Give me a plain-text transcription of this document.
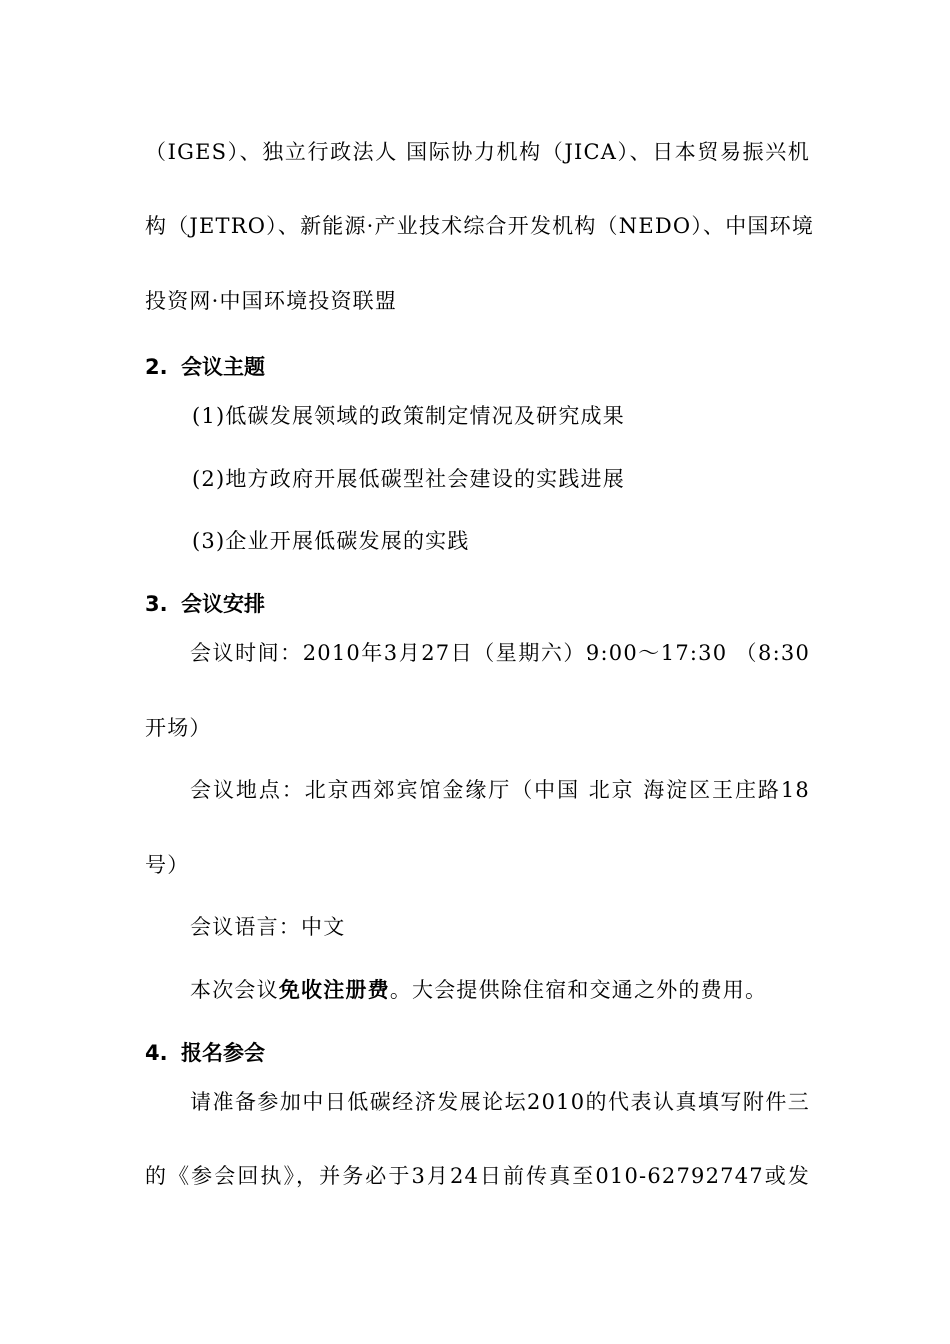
（IGES）、独立行政法人 国际协力机构（JICA）、日本贸易振兴机

构（JETRO）、新能源·产业技术综合开发机构（NEDO）、中国环境

投资网·中国环境投资联盟

2. 会议主题

(1)低碳发展领域的政策制定情况及研究成果

(2)地方政府开展低碳型社会建设的实践进展

(3)企业开展低碳发展的实践

3. 会议安排

会议时间：2010年3月27日（星期六）9:00～17:30 （8:30

开场）

会议地点：北京西郊宾馆金缘厅（中国 北京 海淀区王庄路18

号）

会议语言：中文

本次会议免收注册费。大会提供除住宿和交通之外的费用。

4. 报名参会

请准备参加中日低碳经济发展论坛2010的代表认真填写附件三

的《参会回执》，并务必于3月24日前传真至010-62792747或发
